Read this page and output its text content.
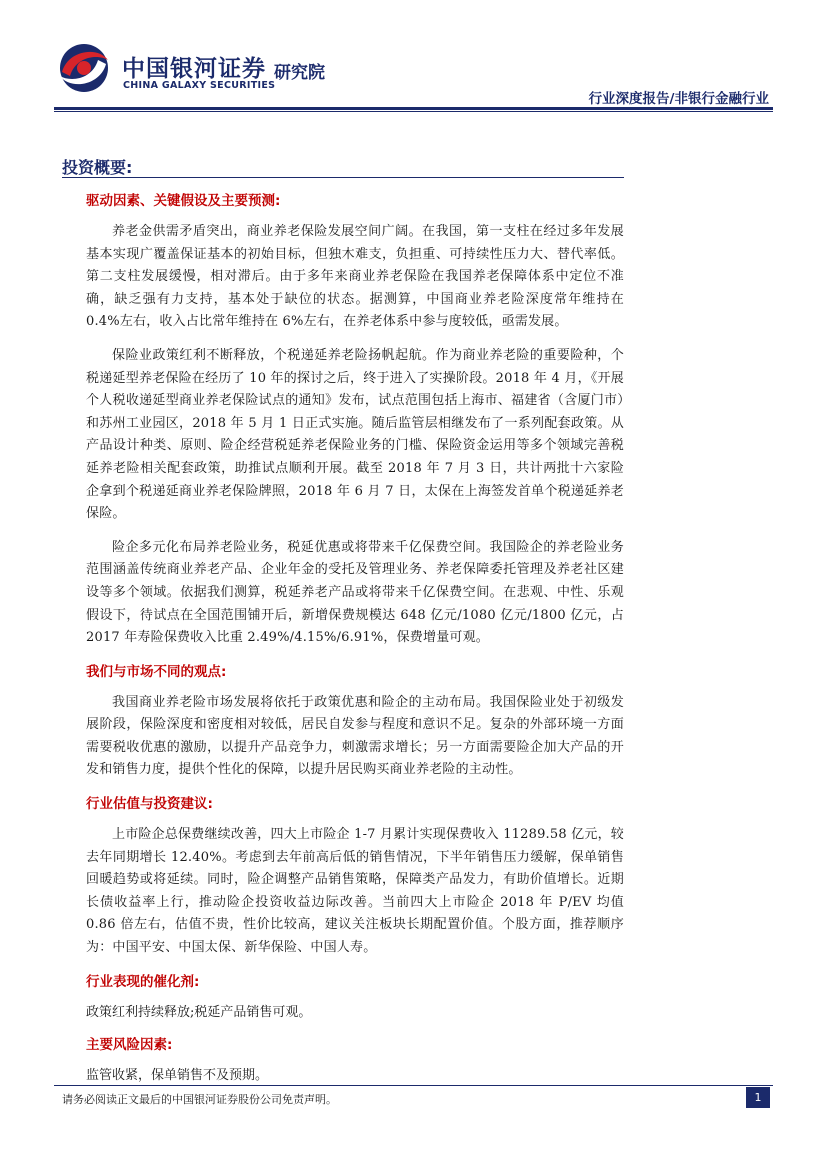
中国银河证券
CHINA GALAXY SECURITIES
研究院
行业深度报告/非银行金融行业
投资概要:
驱动因素、关键假设及主要预测:

养老金供需矛盾突出，商业养老保险发展空间广阔。在我国，第一支柱在经过多年发展基本实现广覆盖保证基本的初始目标，但独木难支，负担重、可持续性压力大、替代率低。第二支柱发展缓慢，相对滞后。由于多年来商业养老保险在我国养老保障体系中定位不准确，缺乏强有力支持，基本处于缺位的状态。据测算，中国商业养老险深度常年维持在 0.4%左右，收入占比常年维持在 6%左右，在养老体系中参与度较低，亟需发展。

保险业政策红利不断释放，个税递延养老险扬帆起航。作为商业养老险的重要险种，个税递延型养老保险在经历了 10 年的探讨之后，终于进入了实操阶段。2018 年 4 月，《开展个人税收递延型商业养老保险试点的通知》发布，试点范围包括上海市、福建省（含厦门市）和苏州工业园区，2018 年 5 月 1 日正式实施。随后监管层相继发布了一系列配套政策。从产品设计种类、原则、险企经营税延养老保险业务的门槛、保险资金运用等多个领域完善税延养老险相关配套政策，助推试点顺利开展。截至 2018 年 7 月 3 日，共计两批十六家险企拿到个税递延商业养老保险牌照，2018 年 6 月 7 日，太保在上海签发首单个税递延养老保险。

险企多元化布局养老险业务，税延优惠或将带来千亿保费空间。我国险企的养老险业务范围涵盖传统商业养老产品、企业年金的受托及管理业务、养老保障委托管理及养老社区建设等多个领域。依据我们测算，税延养老产品或将带来千亿保费空间。在悲观、中性、乐观假设下，待试点在全国范围铺开后，新增保费规模达 648 亿元/1080 亿元/1800 亿元，占 2017 年寿险保费收入比重 2.49%/4.15%/6.91%，保费增量可观。

我们与市场不同的观点:

我国商业养老险市场发展将依托于政策优惠和险企的主动布局。我国保险业处于初级发展阶段，保险深度和密度相对较低，居民自发参与程度和意识不足。复杂的外部环境一方面需要税收优惠的激励，以提升产品竞争力，刺激需求增长；另一方面需要险企加大产品的开发和销售力度，提供个性化的保障，以提升居民购买商业养老险的主动性。

行业估值与投资建议:

上市险企总保费继续改善，四大上市险企 1-7 月累计实现保费收入 11289.58 亿元，较去年同期增长 12.40%。考虑到去年前高后低的销售情况，下半年销售压力缓解，保单销售回暖趋势或将延续。同时，险企调整产品销售策略，保障类产品发力，有助价值增长。近期长债收益率上行，推动险企投资收益边际改善。当前四大上市险企 2018 年 P/EV 均值 0.86 倍左右，估值不贵，性价比较高，建议关注板块长期配置价值。个股方面，推荐顺序为：中国平安、中国太保、新华保险、中国人寿。

行业表现的催化剂:

政策红利持续释放;税延产品销售可观。

主要风险因素:

监管收紧，保单销售不及预期。

请务必阅读正文最后的中国银河证券股份公司免责声明。	1
